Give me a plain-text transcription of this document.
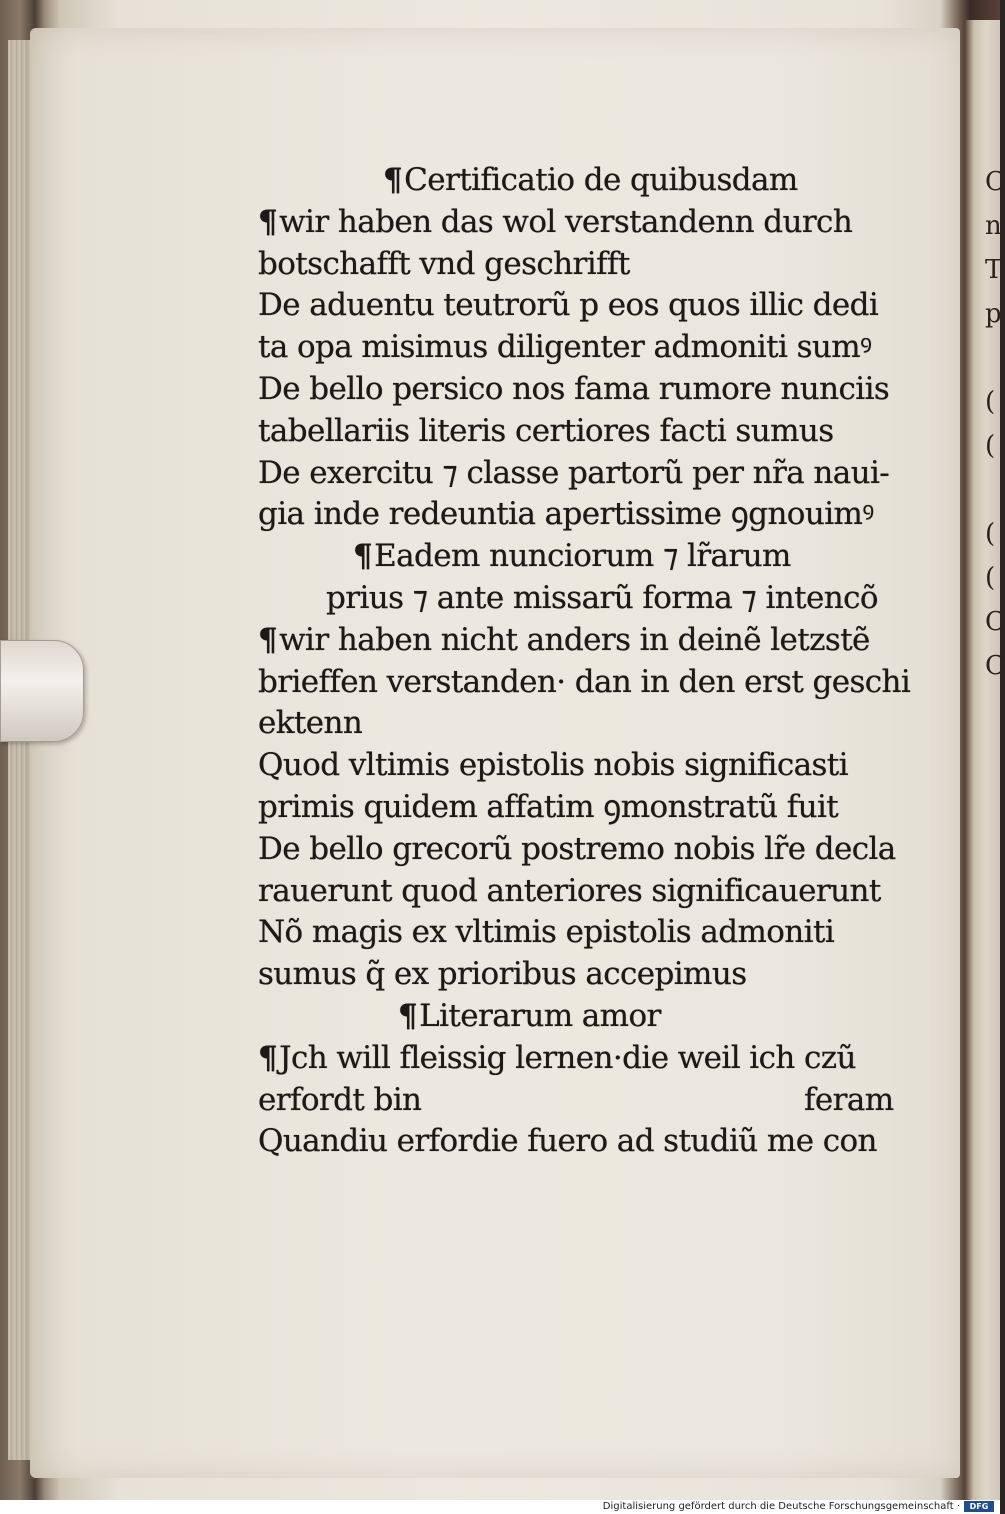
C
n
T
p
(
(
(
(
C
C
¶Certificatio de quibusdam
¶wir haben das wol verstandenn durch
botschafft vnd geschrifft
De aduentu teutrorũ p eos quos illic dedi
ta opa misimus diligenter admoniti sumꝰ
De bello persico nos fama rumore nunciis
tabellariis literis certiores facti sumus
De exercitu ⁊ classe partorũ per nr̃a naui-
gia inde redeuntia apertissime ꝯgnouimꝰ
¶Eadem nunciorum ⁊ lr̃arum
prius ⁊ ante missarũ forma ⁊ intencõ
¶wir haben nicht anders in deinẽ letzstẽ
brieffen verstanden· dan in den erst geschi
ektenn
Quod vltimis epistolis nobis significasti
primis quidem affatim ꝯmonstratũ fuit
De bello grecorũ postremo nobis lr̃e decla
rauerunt quod anteriores significauerunt
Nõ magis ex vltimis epistolis admoniti
sumus q̃ ex prioribus accepimus
¶Literarum amor
¶Jch will fleissig lernen·die weil ich czũ
erfordt bin	feram
Quandiu erfordie fuero ad studiũ me con
Digitalisierung gefördert durch die Deutsche Forschungsgemeinschaft ·	DFG
